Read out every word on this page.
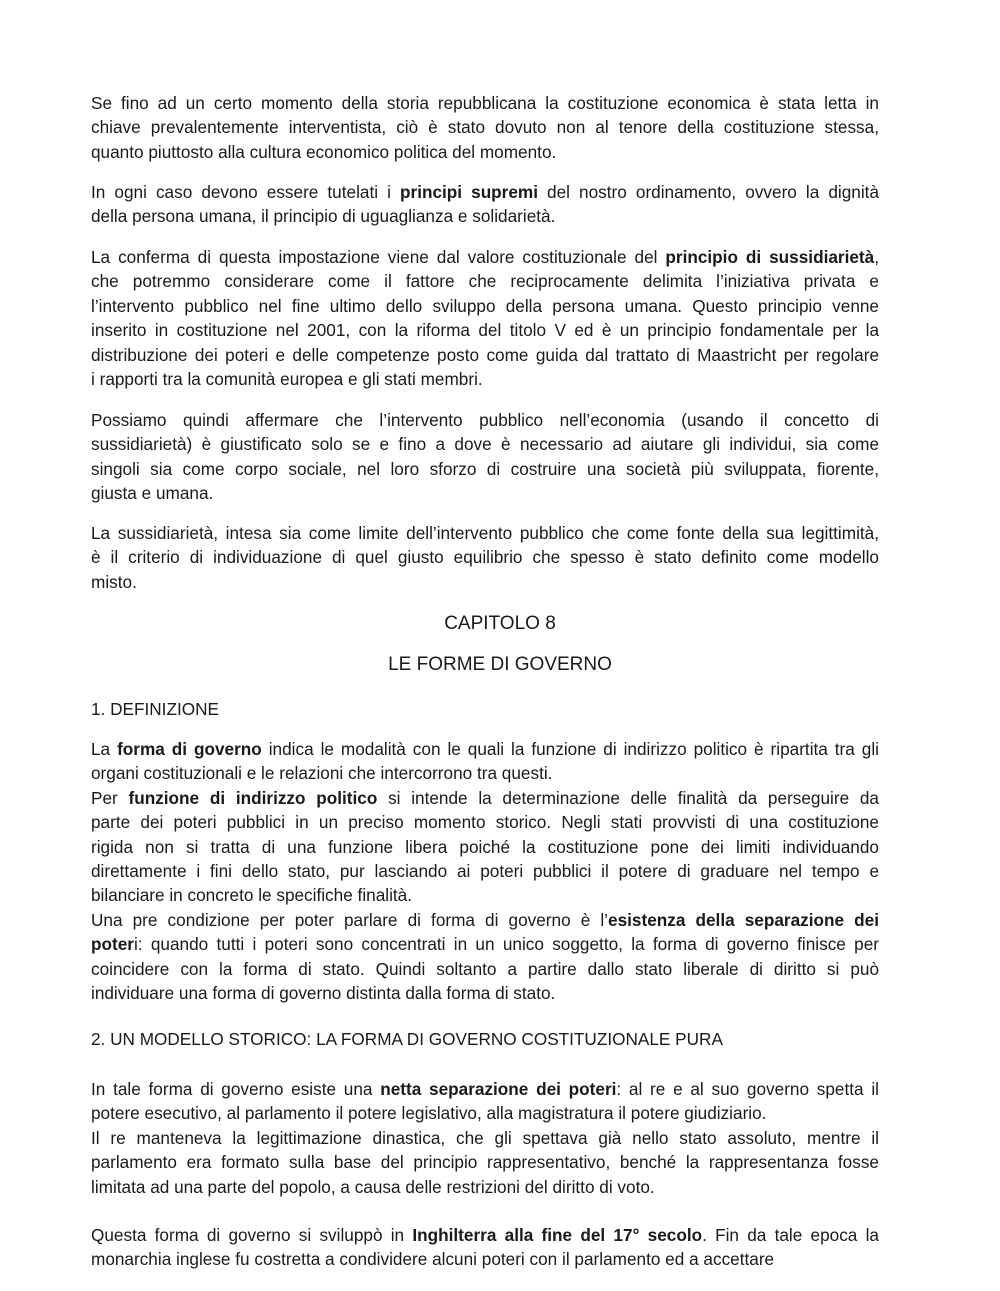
Se fino ad un certo momento della storia repubblicana la costituzione economica è stata letta in
chiave prevalentemente interventista, ciò è stato dovuto non al tenore della costituzione stessa,
quanto piuttosto alla cultura economico politica del momento.
In ogni caso devono essere tutelati i principi supremi del nostro ordinamento, ovvero la dignità
della persona umana, il principio di uguaglianza e solidarietà.
La conferma di questa impostazione viene dal valore costituzionale del principio di sussidiarietà,
che potremmo considerare come il fattore che reciprocamente delimita l’iniziativa privata e
l’intervento pubblico nel fine ultimo dello sviluppo della persona umana. Questo principio venne
inserito in costituzione nel 2001, con la riforma del titolo V ed è un principio fondamentale per la
distribuzione dei poteri e delle competenze posto come guida dal trattato di Maastricht per regolare
i rapporti tra la comunità europea e gli stati membri.
Possiamo quindi affermare che l’intervento pubblico nell’economia (usando il concetto di
sussidiarietà) è giustificato solo se e fino a dove è necessario ad aiutare gli individui, sia come
singoli sia come corpo sociale, nel loro sforzo di costruire una società più sviluppata, fiorente,
giusta e umana.
La sussidiarietà, intesa sia come limite dell’intervento pubblico che come fonte della sua legittimità,
è il criterio di individuazione di quel giusto equilibrio che spesso è stato definito come modello
misto.
CAPITOLO 8
LE FORME DI GOVERNO
1. DEFINIZIONE
La forma di governo indica le modalità con le quali la funzione di indirizzo politico è ripartita tra gli
organi costituzionali e le relazioni che intercorrono tra questi.
Per funzione di indirizzo politico si intende la determinazione delle finalità da perseguire da
parte dei poteri pubblici in un preciso momento storico. Negli stati provvisti di una costituzione
rigida non si tratta di una funzione libera poiché la costituzione pone dei limiti individuando
direttamente i fini dello stato, pur lasciando ai poteri pubblici il potere di graduare nel tempo e
bilanciare in concreto le specifiche finalità.
Una pre condizione per poter parlare di forma di governo è l’esistenza della separazione dei
poteri: quando tutti i poteri sono concentrati in un unico soggetto, la forma di governo finisce per
coincidere con la forma di stato. Quindi soltanto a partire dallo stato liberale di diritto si può
individuare una forma di governo distinta dalla forma di stato.
2. UN MODELLO STORICO: LA FORMA DI GOVERNO COSTITUZIONALE PURA
In tale forma di governo esiste una netta separazione dei poteri: al re e al suo governo spetta il
potere esecutivo, al parlamento il potere legislativo, alla magistratura il potere giudiziario.
Il re manteneva la legittimazione dinastica, che gli spettava già nello stato assoluto, mentre il
parlamento era formato sulla base del principio rappresentativo, benché la rappresentanza fosse
limitata ad una parte del popolo, a causa delle restrizioni del diritto di voto.
Questa forma di governo si sviluppò in Inghilterra alla fine del 17° secolo. Fin da tale epoca la
monarchia inglese fu costretta a condividere alcuni poteri con il parlamento ed a accettare
